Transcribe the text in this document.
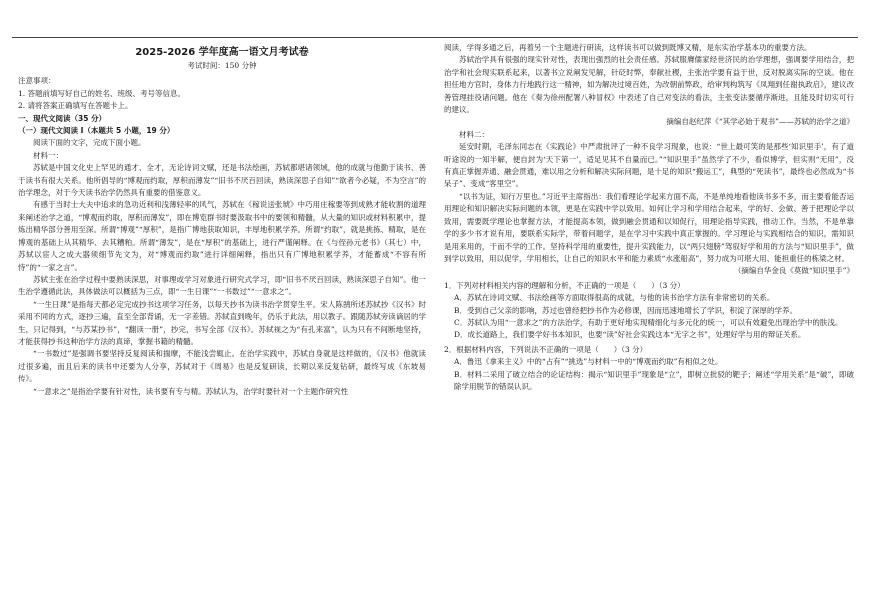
2025-2026 学年度高一语文月考试卷

考试时间：150 分钟

注意事项：

1. 答题前填写好自己的姓名、班级、考号等信息。

2. 请将答案正确填写在答题卡上。

一、现代文阅读（35 分）

（一）现代文阅读 I（本题共 5 小题，19 分）

阅读下面的文字，完成下面小题。

材料一：

苏轼是中国文化史上罕见的通才、全才，无论诗词文赋，还是书法绘画，苏轼都堪诸领域，他的成就与他勤于读书、善于读书有很大关系。他所倡导的“博观而约取，厚积而薄发”“旧书不厌百回读，熟读深思子自知”“欲者今必疑，不为空言”的治学理念，对于今天读书治学仍然具有重要的借鉴意义。

有感于当时士大夫中追求的急功近利和浅薄轻率的风气，苏轼在《稼说送张琥》中巧用庄稼要等到成熟才能收割的道理来阐述治学之道，“博观而约取，厚积而薄发”，即在博览群书时要汲取书中的要领和精髓，从大量的知识或材料积累中，提炼出精华部分善用至深。所谓“博观”“厚积”，是指广博地获取知识，丰厚地积累学养。所谓“约取”，就是挑拣、精取，是在博观的基础上从其精华、去其糟粕。所谓“薄发”，是在“厚积”的基础上，进行严谨阐释。在《与侄孙元老书》（其七）中，苏轼以宦人之成大器须细节先文为，对“博观而约取”进行详细阐释，指出只有广博地积累学养，才能蓄成“不容有所恃”的“一家之言”。

苏轼主张在治学过程中要熟读深思，对事理或学习对象进行研究式学习，即“旧书不厌百回读，熟读深思子自知”。他一生治学遵循此法，具体做法可以概括为三点，即“一生日课”“一书数过”“一意求之”。

“一生日课”是指每天都必定完成抄书这项学习任务，以每天抄书为读书治学贯穿生平。宋人陈鹄所述苏轼抄《汉书》时采用不同的方式，逐抄三遍，直至全部背诵，无一字差错。苏轼直到晚年，仍乐于此法，用以教子。跟随苏轼旁读谪居的学生，只记得到，“与苏某抄书”，“翻读一册”，抄完，书写全部《汉书》。苏轼视之为“有孔来富”，认为只有不间断地坚持，才能获得抄书这种治学方法的真谛，掌握书籍的精髓。

“一书数过”是强调书要坚持反复阅读和揣摩，不能浅尝辄止。在治学实践中，苏轼自身就是这样做的，《汉书》他就读过很多遍，而且后来的读书中还要为人分享，苏轼对于《周易》也是反复研读，长期以来反复钻研，最终写成《东坡易传》。

“一意求之”是指治学要有针对性，读书要有专与精。苏轼认为，治学时要针对一个主题作研究性

阅读，学得多通之后，再着另一个主题进行研读，这样读书可以做到既博又精，是东实治学基本功的重要方法。

苏轼治学具有很强的现实针对性，表现出强烈的社会责任感。苏轼服膺儒家经世济民的治学理想，强调要学用结合，把治学和社会现实联系起来，以著书立说阐发见解，针砭时弊，奉献社稷，主张治学要有益于世，反对脱离实际的空谈。他在担任地方官时，身体力行地践行这一精神，如为解决过境百姓，为改朝前弊政，给审判构筑写《凤翔到任谢执政启》，建议改善管理挂役诸问题。他在《奏为徐州配署八种冒权》中表述了自己对变法的看法，主张变法要循序渐进，且能及时切实可行的建议。

摘编自赵纪萍《“其学必始于观书”——苏轼的治学之道》

材料二：

延安时期，毛泽东同志在《实践论》中严肃批评了一种不良学习现象，也说：“世上最可笑的是那些‘知识里手’，有了道听途说的一知半解，便自封为‘天下第一’，适足见其不自量而已。”“知识里手”虽然学了不少，看似博学，但实则“无用”，没有真正掌握弄通、融会贯通，难以用之分析和解决实际问题，是十足的知识“搬运工”，典型的“死读书”，最终也必然成为“书呆子”、变成“客里空”。

“以书为证，知行万里也。”习近平主席指出：我们看理论学起来方面不高，不是单纯地看他读书多不多，而主要看能否运用理论和知识解决实际问题的本领，更是在实践中学以致用。如何让学习和学用结合起来，学的好、会做、善于把理论学以致用，需要既学理论也掌握方法，才能提高本领，做到融会贯通和以知促行，用理论指导实践，推动工作。当然，不是单靠学的多少书才说有用，要联系实际学，带着问题学，是在学习中实践中真正掌握的。学习理论与实践相结合的知识，需知识是用来用的，干而不学的工作。坚持科学用的重要性，提升实践能力，以“两只翅膀”驾驭好学和用的方法与“知识里手”，做到学以致用，用以促学，学用相长，让自己的知识水平和能力素质“水涨船高”，努力成为可堪大用、能担重任的栋梁之材。

（摘编自华金良《莫做“知识里手”》

1．下列对材料相关内容的理解和分析，不正确的一项是（　　）（3 分）

A．苏轼在诗词文赋、书法绘画等方面取得很高的成就，与他的读书治学方法有非常密切的关系。

B．受到自己父亲的影响，苏过也曾经把抄书作为必修课，因而迅速地增长了学识，积淀了深厚的学养。

C．苏轼认为用“一意求之”的方法治学，有助于更好地实现精细化与多元化的统一，可以有效避免出现治学中的肤浅。

D．成长道路上，我们要学好书本知识，也要“读”好社会实践这本“无字之书”，处理好学与用的辩证关系。

2．根据材料内容，下列说法不正确的一项是（　　）（3 分）

A．鲁迅《拿来主义》中的“占有”“挑选”与材料一中的“博观而约取”有相似之处。

B．材料二采用了破立结合的论证结构：揭示“知识里手”现象是“立”，即树立批驳的靶子；阐述“学用关系”是“破”，即破除学用脱节的错误认识。
